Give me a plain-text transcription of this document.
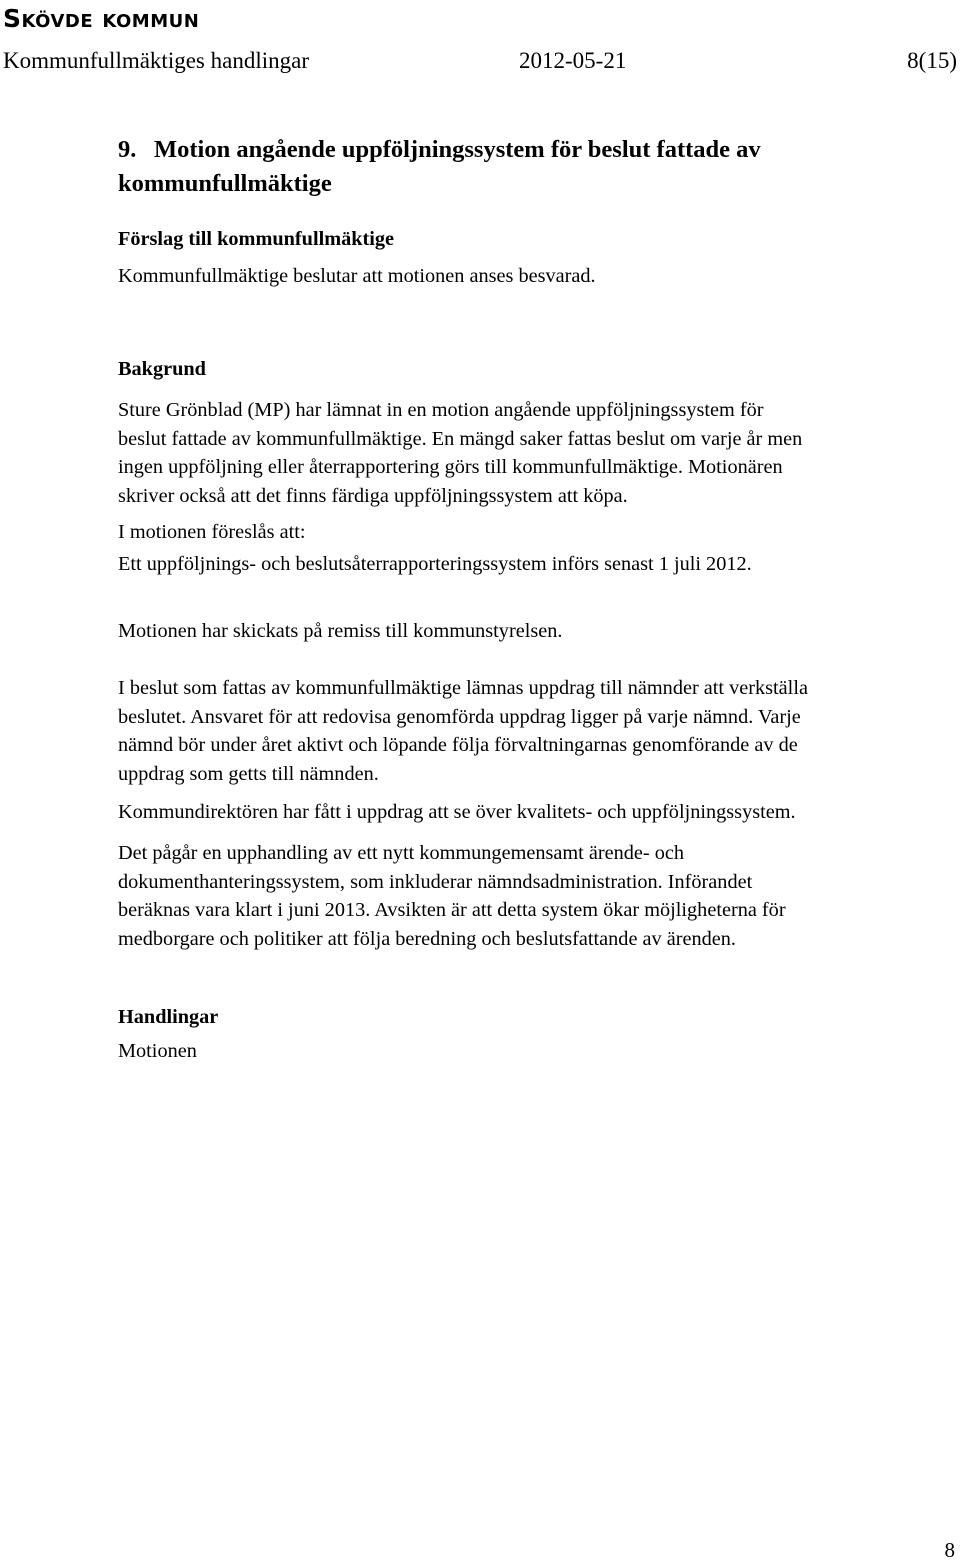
Skövde kommun
Kommunfullmäktiges handlingar	2012-05-21	8(15)
9. Motion angående uppföljningssystem för beslut fattade av kommunfullmäktige
Förslag till kommunfullmäktige
Kommunfullmäktige beslutar att motionen anses besvarad.
Bakgrund
Sture Grönblad (MP) har lämnat in en motion angående uppföljningssystem för
beslut fattade av kommunfullmäktige. En mängd saker fattas beslut om varje år men
ingen uppföljning eller återrapportering görs till kommunfullmäktige. Motionären
skriver också att det finns färdiga uppföljningssystem att köpa.
I motionen föreslås att:
Ett uppföljnings- och beslutsåterrapporteringssystem införs senast 1 juli 2012.
Motionen har skickats på remiss till kommunstyrelsen.
I beslut som fattas av kommunfullmäktige lämnas uppdrag till nämnder att verkställa
beslutet. Ansvaret för att redovisa genomförda uppdrag ligger på varje nämnd. Varje
nämnd bör under året aktivt och löpande följa förvaltningarnas genomförande av de
uppdrag som getts till nämnden.
Kommundirektören har fått i uppdrag att se över kvalitets- och uppföljningssystem.
Det pågår en upphandling av ett nytt kommungemensamt ärende- och
dokumenthanteringssystem, som inkluderar nämndsadministration. Införandet
beräknas vara klart i juni 2013. Avsikten är att detta system ökar möjligheterna för
medborgare och politiker att följa beredning och beslutsfattande av ärenden.
Handlingar
Motionen
8
